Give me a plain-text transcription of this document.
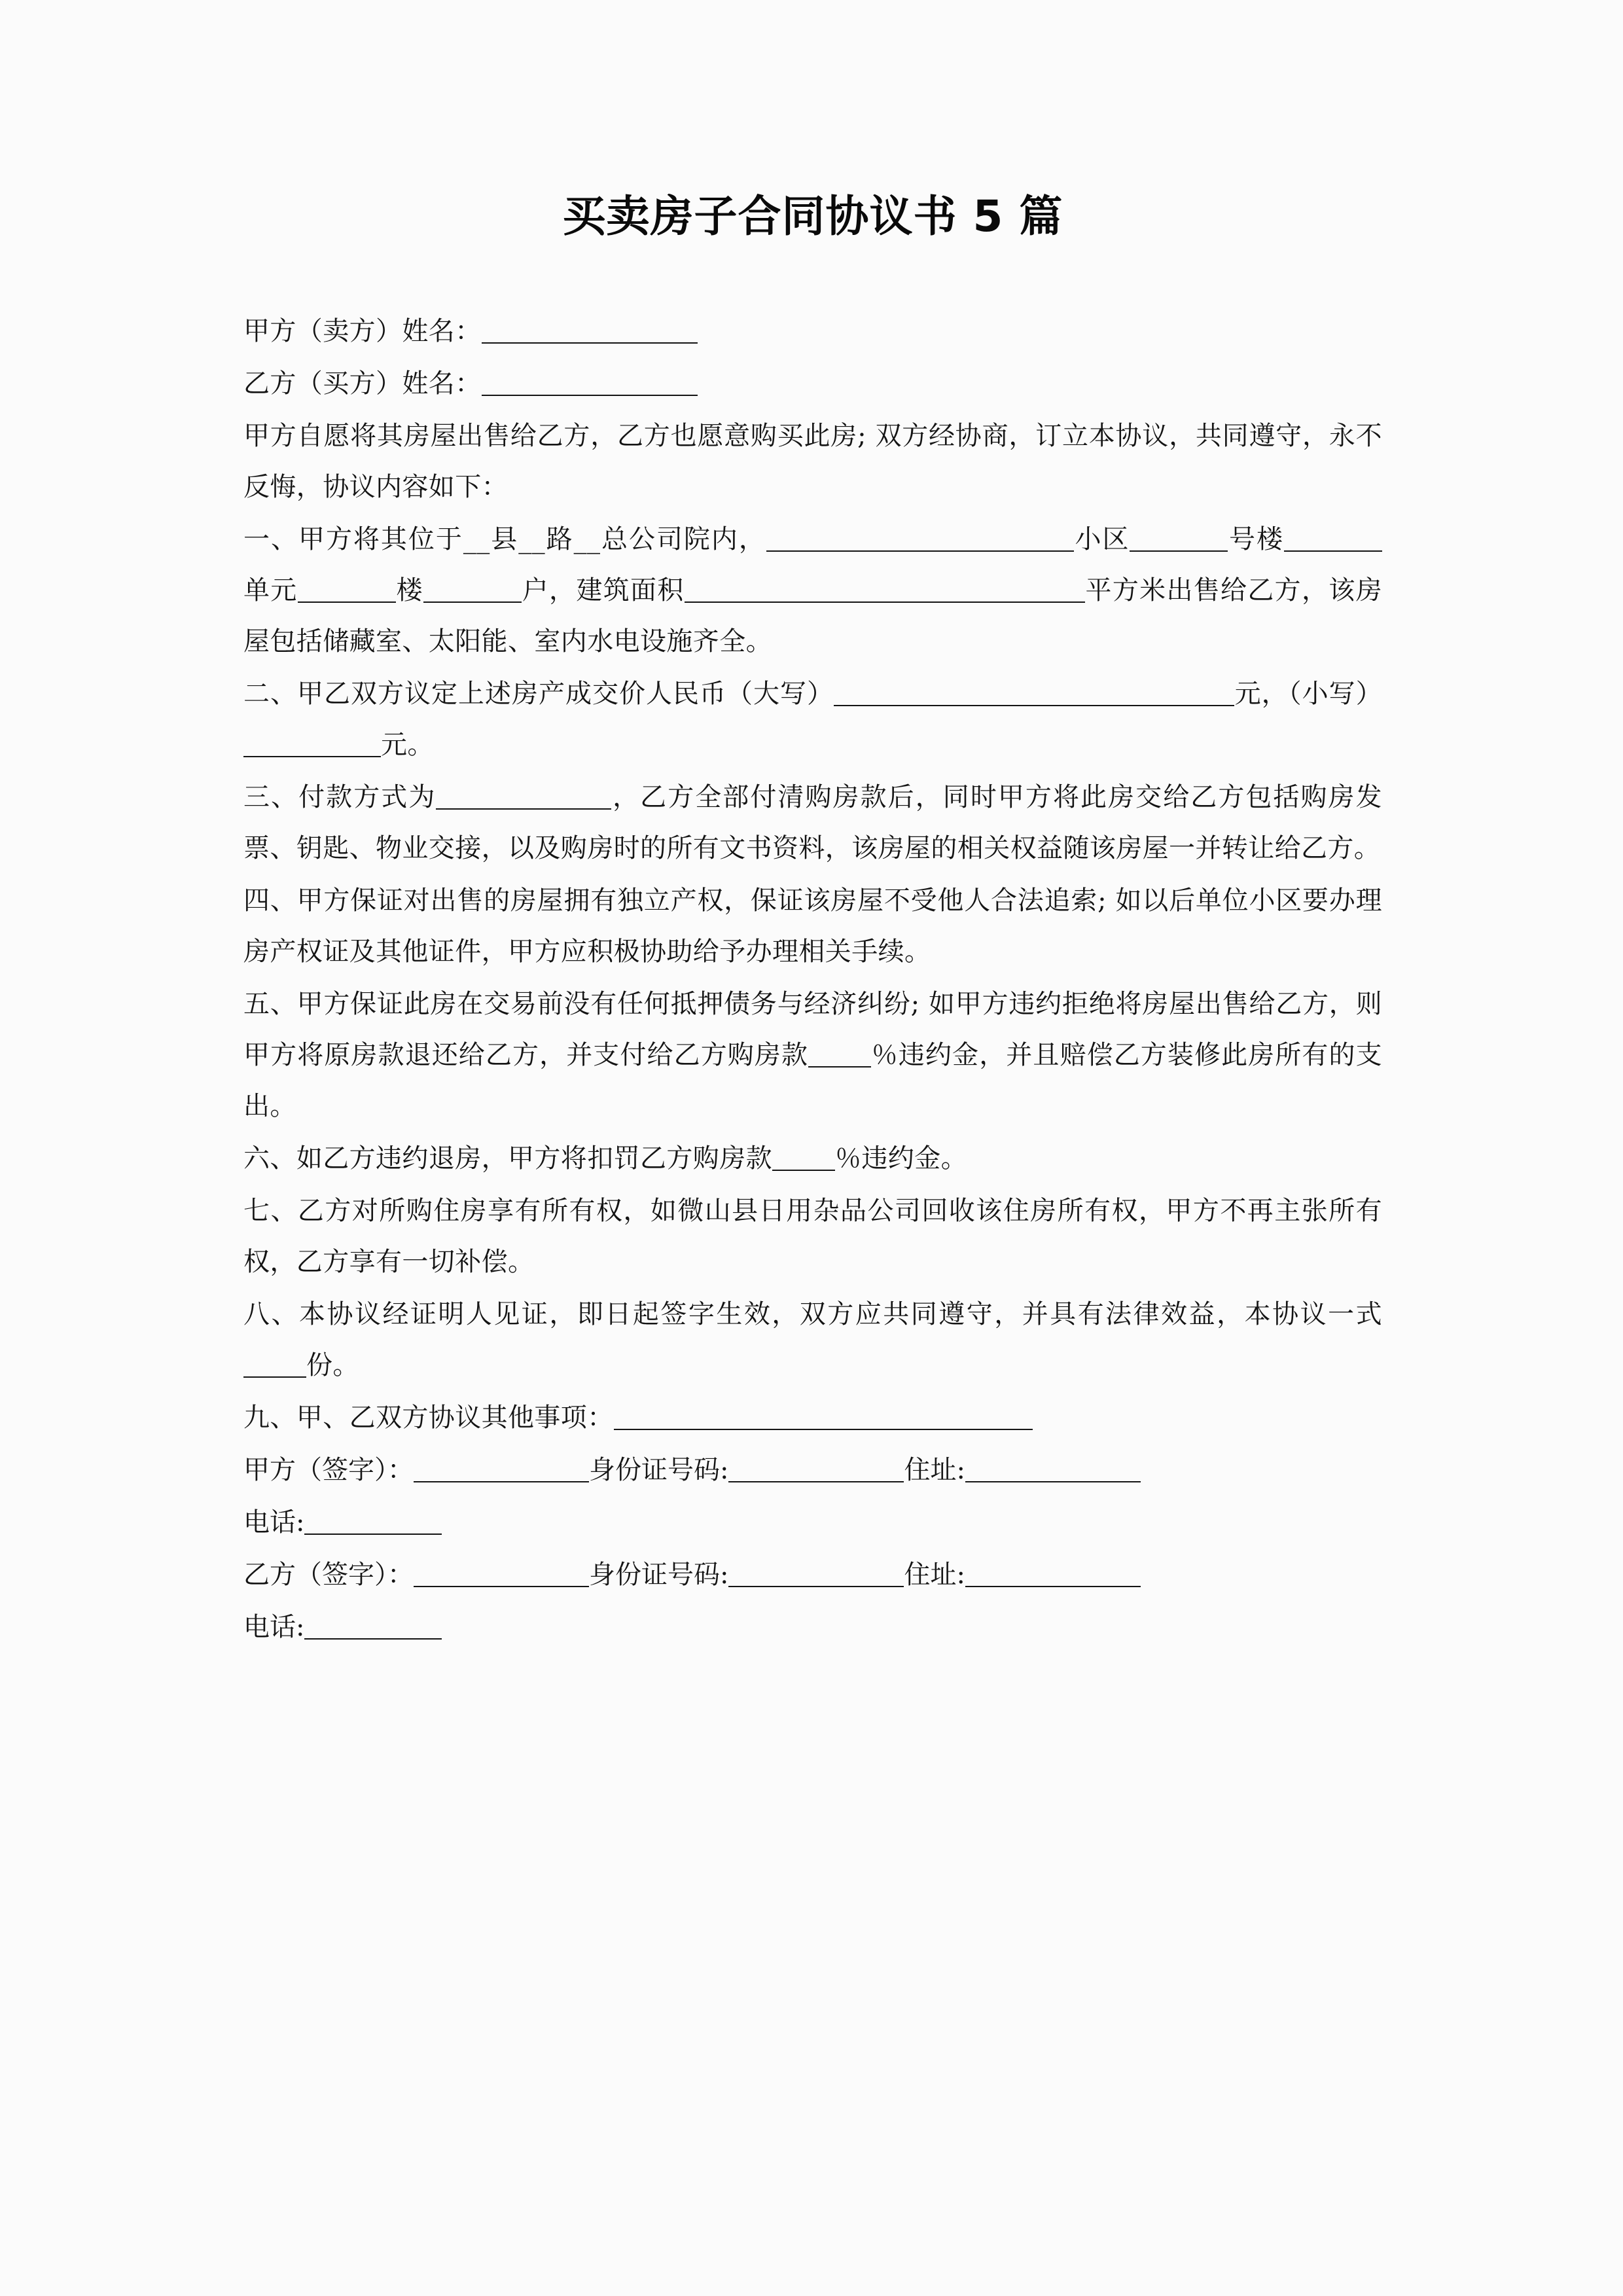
买卖房子合同协议书 5 篇

甲方（卖方）姓名：

乙方（买方）姓名：

甲方自愿将其房屋出售给乙方，乙方也愿意购买此房; 双方经协商，订立本协议，共同遵守，永不反悔，协议内容如下：

一、甲方将其位于__县__路__总公司院内，	小区	号楼单元	楼	户，建筑面积	平方米出售给乙方，该房屋包括储藏室、太阳能、室内水电设施齐全。

二、甲乙双方议定上述房产成交价人民币（大写）	元，（小写）元。

三、付款方式为	，乙方全部付清购房款后，同时甲方将此房交给乙方包括购房发票、钥匙、物业交接，以及购房时的所有文书资料，该房屋的相关权益随该房屋一并转让给乙方。

四、甲方保证对出售的房屋拥有独立产权，保证该房屋不受他人合法追索; 如以后单位小区要办理房产权证及其他证件，甲方应积极协助给予办理相关手续。

五、甲方保证此房在交易前没有任何抵押债务与经济纠纷; 如甲方违约拒绝将房屋出售给乙方，则甲方将原房款退还给乙方，并支付给乙方购房款 ％违约金，并且赔偿乙方装修此房所有的支出。

六、如乙方违约退房，甲方将扣罚乙方购房款 ％违约金。

七、乙方对所购住房享有所有权，如微山县日用杂品公司回收该住房所有权，甲方不再主张所有权，乙方享有一切补偿。

八、本协议经证明人见证，即日起签字生效，双方应共同遵守，并具有法律效益，本协议一式份。

九、甲、乙双方协议其他事项：

甲方（签字）：	身份证号码:	住址:

电话:

乙方（签字）：	身份证号码:	住址:

电话:
